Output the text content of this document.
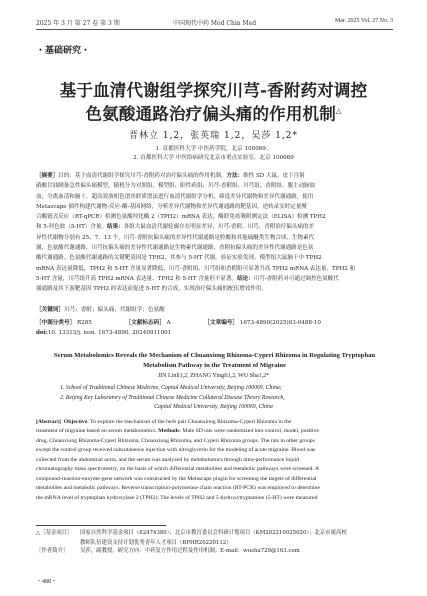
2025 年 3 月 第 27 卷 第 3 期	中国现代中药 Mod Chin Med	Mar. 2025 Vol. 27 No. 3
・基础研究・
基于血清代谢组学探究川芎-香附药对调控
色氨酸通路治疗偏头痛的作用机制△
晋林立 1,2，张英瑞 1,2，吴莎 1,2*
1. 首都医科大学 中医药学院，北京 100069；
2. 首都医科大学 中医络病研究北京市重点实验室，北京 100069
［摘要］目的：基于血清代谢组学探究川芎-香附药对治疗偏头痛的作用机制。方法：维性 SD 大鼠，皮下注射
硝酸甘油制备急性偏头痛模型，随机分为对照组、模型组、阳性药组、川芎-香附组、川芎组、香附组。腹主动脉取
血，分离血清和脑干，超高效液相色谱串联质谱法进行血清代谢组学分析，筛选差异代谢物和差异代谢通路，使用
Metascape 插件构建代谢物-反应-酶-基因网络，分析差异代谢物和差异代谢通路的靶基因。逆转录实时定量聚
合酶链式反应（RT-qPCR）检测色氨酸羟化酶 2（TPH2）mRNA 表达，酶联免疫吸附测定法（ELISA）检测 TPH2
和 5-羟色胺（5-HT）含量。结果：各组大鼠血清代谢轮廓存在明显差异，川芎-香附、川芎、香附治疗偏头痛的差
异性代谢物分别有 25、7、13 个，川芎-香附抗偏头痛的差异性代谢通路是腔酸和其他硫醚类生物合成、生物素代
谢、色氨酸代谢通路，川芎抗偏头痛的差异性代谢通路是生物素代谢通路，香附抗偏头痛的差异性代谢通路是色氨
酸代谢通路。色氨酸代谢通路的关键靶基因是 TPH2，其参与 5-HT 代谢。验证实验发现，模型组大鼠脑干中 TPH2
mRNA 表达量降低，TPH2 和 5-HT 含量显著降低，川芎-香附组、川芎组和香附组可显著升高 TPH2 mRNA 表达量、TPH2 和
5-HT 含量，川芎组升高 TPH2 mRNA 表达量、TPH2 和 5-HT 含量但不显著。结论：川芎-香附药对可通过调控色氨酸代
谢通路及其下游靶基因 TPH2 的表达而促进 5-HT 的合成，实现治疗偏头痛的配伍增效作用。
［关键词］川芎；香附；偏头痛；代谢组学；色氨酸
［中图分类号］ R285	［文献标志码］ A	［文章编号］ 1673-4890(2025)03-0488-10
doi:10. 13313/j. issn. 1673-4890. 20240911001
Serum Metabolomics Reveals the Mechanism of Chuanxiong Rhizoma-Cyperi Rhizoma in Regulating Tryptophan
Metabolism Pathway in the Treatment of Migraine
JIN Linli1,2, ZHANG Yingfi1,2, WU Sha1,2*
1. School of Traditional Chinese Medicine, Capital Medical University, Beijing 100069, China;
2. Beijing Key Laboratory of Traditional Chinese Medicine Collateral Disease Theory Research,
Capital Medical University, Beijing 100069, China
[Abstract] Objective: To explore the mechanism of the herb pair Chuanxiong Rhizoma-Cyperi Rhizoma in the
treatment of migraine based on serum metabolomics. Methods: Male SD rats were randomized into control, model, positive
drug, Chuanxiong Rhizoma-Cyperi Rhizoma, Chuanxiong Rhizoma, and Cyperi Rhizoma groups. The rats in other groups
except the control group received subcutaneous injection with nitroglycerin for the modeling of acute migraine. Blood was
collected from the abdominal aorta, and the serum was analyzed by metabolomics through ultra-performance liquid
chromatography mass spectrometry, on the basis of which differential metabolites and metabolic pathways were screened. A
compound-reaction-enzyme-gene network was constructed by the Metascape plugin for screening the targets of differential
metabolites and metabolic pathways. Reverse transcription-polymerase chain reaction (RT-PCR) was employed to determine
the mRNA level of tryptophan hydroxylase 2 (TPH2). The levels of TPH2 and 5-hydroxytryptamine (5-HT) were measured
△［基金项目］ 国家自然科学基金项目（82474380）；北京市教育委员会科研计划项目（KM202210025020）；北京市属高校
教师队伍建设支持计划优秀青年人才项目（BPHR20220112）
［作者简介］ 吴莎，副教授，研究方向：中药复方作用过程及作用机制；E-mail：wusha729@163.com
・488・
